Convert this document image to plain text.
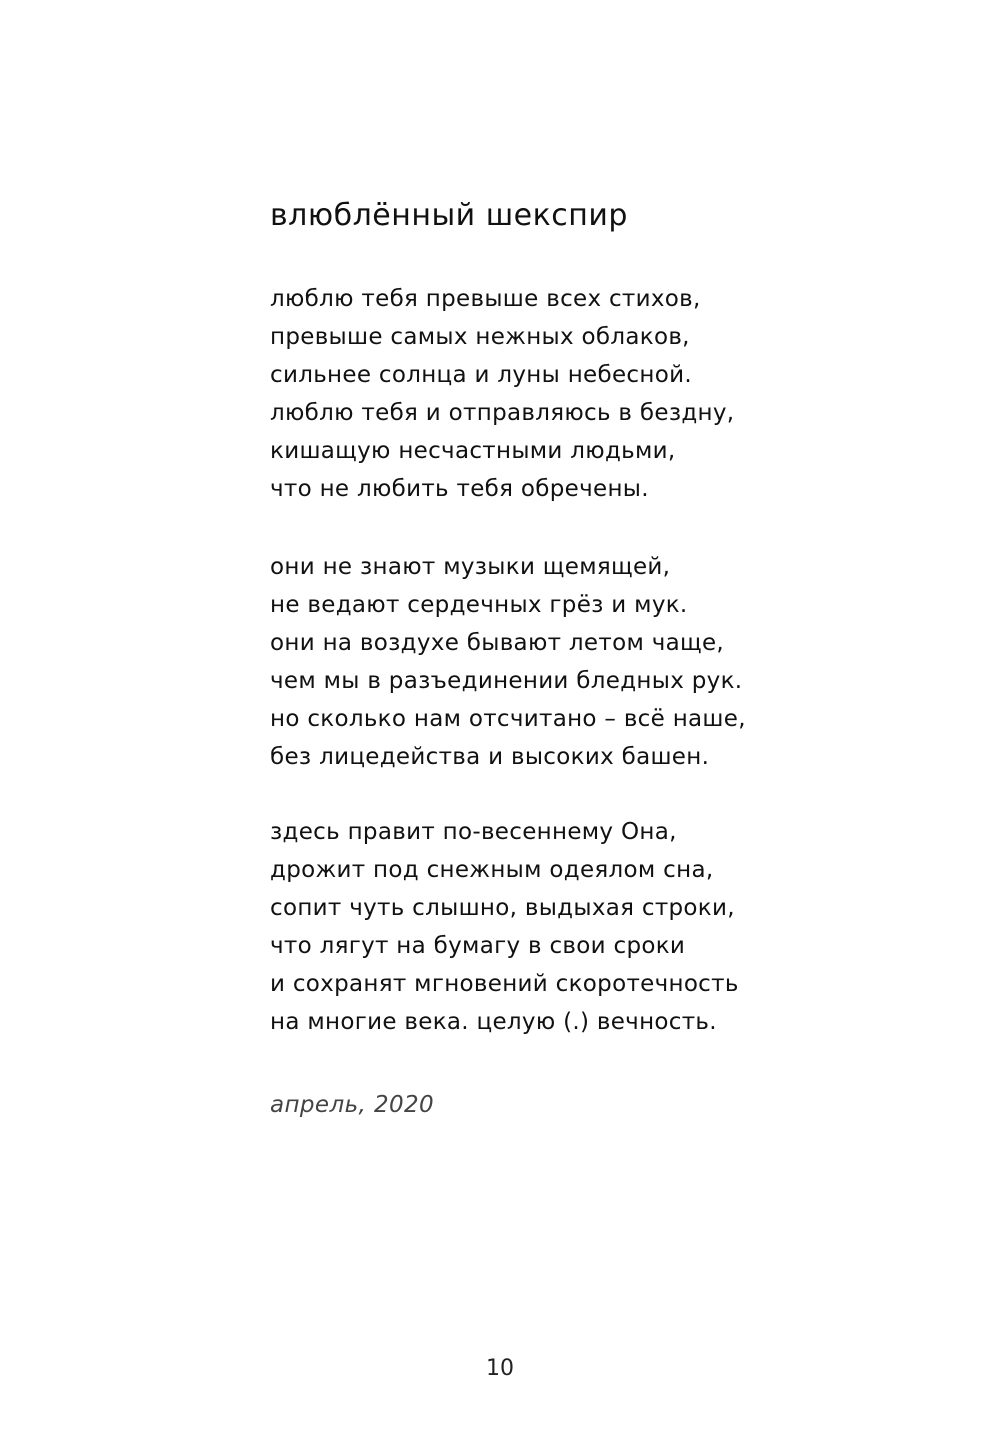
влюблённый шекспир
люблю тебя превыше всех стихов,
превыше самых нежных облаков,
сильнее солнца и луны небесной.
люблю тебя и отправляюсь в бездну,
кишащую несчастными людьми,
что не любить тебя обречены.
они не знают музыки щемящей,
не ведают сердечных грёз и мук.
они на воздухе бывают летом чаще,
чем мы в разъединении бледных рук.
но сколько нам отсчитано – всё наше,
без лицедейства и высоких башен.
здесь правит по-весеннему Она,
дрожит под снежным одеялом сна,
сопит чуть слышно, выдыхая строки,
что лягут на бумагу в свои сроки
и сохранят мгновений скоротечность
на многие века. целую (.) вечность.
апрель, 2020
10
